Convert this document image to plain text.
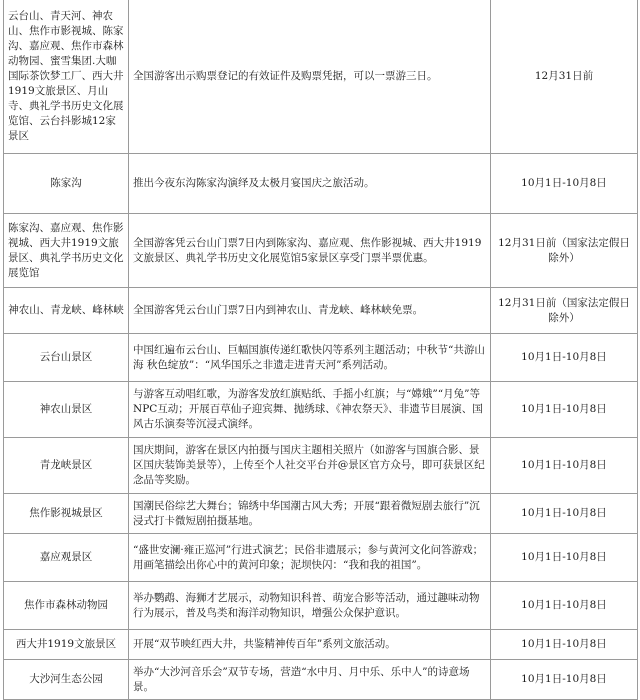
云台山、青天河、神农山、焦作市影视城、陈家沟、嘉应观、焦作市森林动物园、蜜雪集团.大咖国际茶饮梦工厂、西大井1919文旅景区、月山寺、典礼学书历史文化展览馆、云台抖影城12家景区	全国游客出示购票登记的有效证件及购票凭据，可以一票游三日。	12月31日前
陈家沟	推出今夜东沟陈家沟演绎及太极月宴国庆之旅活动。	10月1日-10月8日
陈家沟、嘉应观、焦作影视城、西大井1919文旅景区、典礼学书历史文化展览馆	全国游客凭云台山门票7日内到陈家沟、嘉应观、焦作影视城、西大井1919文旅景区、典礼学书历史文化展览馆5家景区享受门票半票优惠。	12月31日前（国家法定假日除外）
神农山、青龙峡、峰林峡	全国游客凭云台山门票7日内到神农山、青龙峡、峰林峡免票。	12月31日前（国家法定假日除外）
云台山景区	中国红遍布云台山、巨幅国旗传递红歌快闪等系列主题活动；中秋节“共游山海 秋色绽放”：“风华国乐之非遗走进青天河”系列活动。	10月1日-10月8日
神农山景区	与游客互动唱红歌，为游客发放红旗贴纸、手摇小红旗；与“嫦娥”“月兔”等NPC互动；开展百草仙子迎宾舞、抛绣球、《神农祭天》、非遗节目展演、国风古乐演奏等沉浸式演绎。	10月1日-10月8日
青龙峡景区	国庆期间，游客在景区内拍摄与国庆主题相关照片（如游客与国旗合影、景区国庆装饰美景等），上传至个人社交平台并@景区官方众号，即可获景区纪念品等奖励。	10月1日-10月8日
焦作影视城景区	国潮民俗综艺大舞台；锦绣中华国潮古风大秀；开展“跟着微短剧去旅行”沉浸式打卡微短剧拍摄基地。	10月1日-10月8日
嘉应观景区	“盛世安澜·雍正巡河”行进式演艺；民俗非遗展示；参与黄河文化问答游戏；用画笔描绘出你心中的黄河印象；泥坝快闪：“我和我的祖国”。	10月1日-10月8日
焦作市森林动物园	举办鹦鹉、海狮才艺展示，动物知识科普、萌宠合影等活动，通过趣味动物行为展示，普及鸟类和海洋动物知识，增强公众保护意识。	10月1日-10月8日
西大井1919文旅景区	开展“双节映红西大井，共鉴精神传百年”系列文旅活动。	10月1日-10月8日
大沙河生态公园	举办“大沙河音乐会”双节专场，营造“水中月、月中乐、乐中人”的诗意场景。	10月1日-10月8日
